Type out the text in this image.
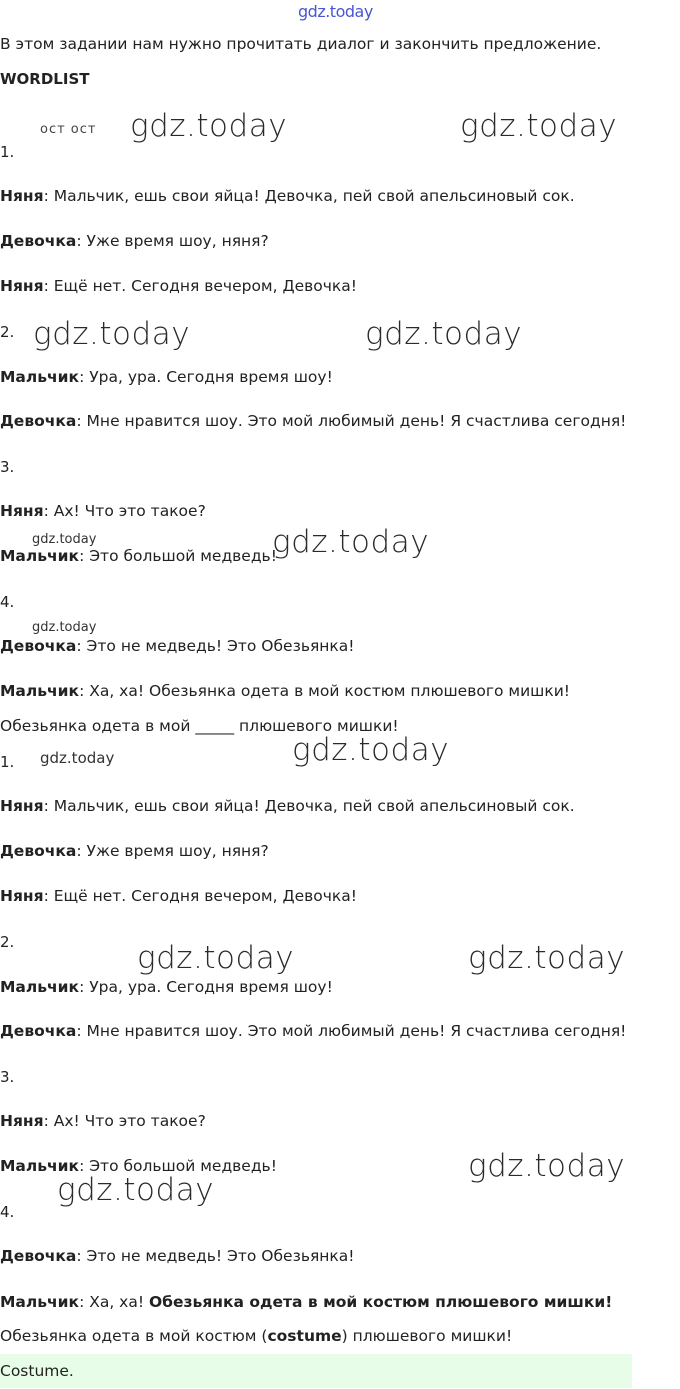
gdz.today
В этом задании нам нужно прочитать диалог и закончить предложение.
WORDLIST
ост ост gdz.today	gdz.today
1.
Няня: Мальчик, ешь свои яйца! Девочка, пей свой апельсиновый сок.
Девочка: Уже время шоу, няня?
Няня: Ещё нет. Сегодня вечером, Девочка!
2. gdz.today	gdz.today
Мальчик: Ура, ура. Сегодня время шоу!
Девочка: Мне нравится шоу. Это мой любимый день! Я счастлива сегодня!
3.
Няня: Ах! Что это такое?
gdz.today
Мальчик: Это большой медведь!
gdz.today
4.
gdz.today
Девочка: Это не медведь! Это Обезьянка!
Мальчик: Ха, ха! Обезьянка одета в мой костюм плюшевого мишки!
Обезьянка одета в мой _____ плюшевого мишки!
gdz.today
1. gdz.today
Няня: Мальчик, ешь свои яйца! Девочка, пей свой апельсиновый сок.
Девочка: Уже время шоу, няня?
Няня: Ещё нет. Сегодня вечером, Девочка!
2.	gdz.today	gdz.today
Мальчик: Ура, ура. Сегодня время шоу!
Девочка: Мне нравится шоу. Это мой любимый день! Я счастлива сегодня!
3.
Няня: Ах! Что это такое?
Мальчик: Это большой медведь!	gdz.today
gdz.today
4.
Девочка: Это не медведь! Это Обезьянка!
Мальчик: Ха, ха! Обезьянка одета в мой костюм плюшевого мишки!
Обезьянка одета в мой костюм (costume) плюшевого мишки!
Costume.
